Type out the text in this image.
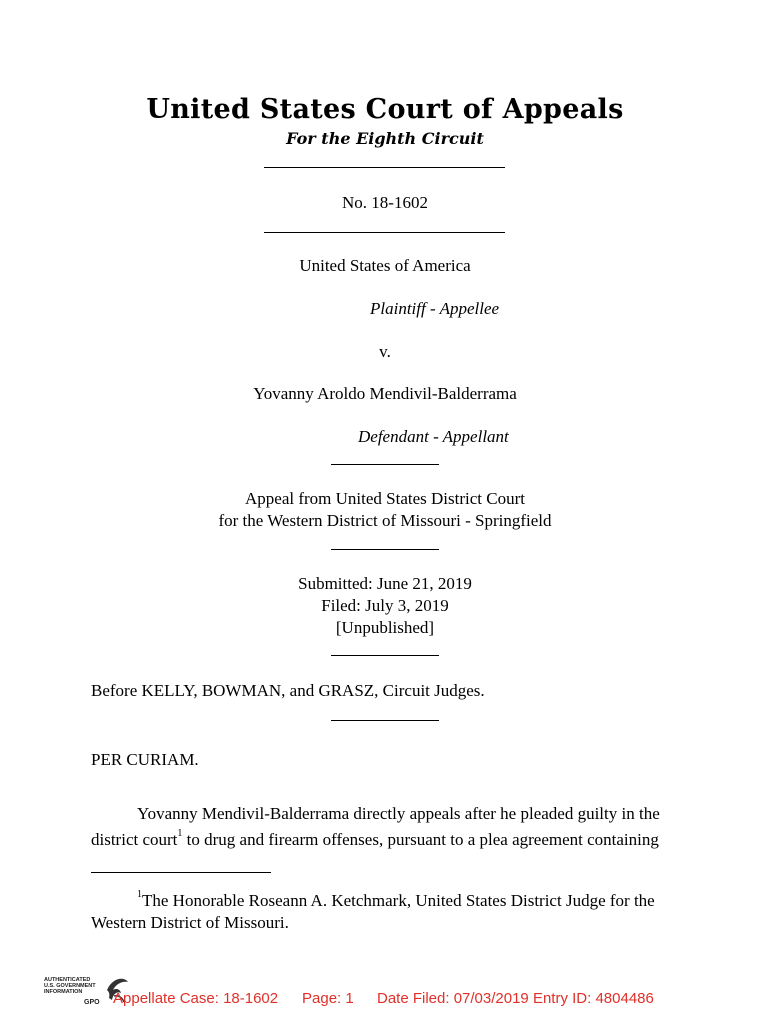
United States Court of Appeals
For the Eighth Circuit
No. 18-1602
United States of America
Plaintiff - Appellee
v.
Yovanny Aroldo Mendivil-Balderrama
Defendant - Appellant
Appeal from United States District Court
for the Western District of Missouri - Springfield
Submitted: June 21, 2019
Filed: July 3, 2019
[Unpublished]
Before KELLY, BOWMAN, and GRASZ, Circuit Judges.
PER CURIAM.
Yovanny Mendivil-Balderrama directly appeals after he pleaded guilty in the
district court$^1$ to drug and firearm offenses, pursuant to a plea agreement containing
$^1$The Honorable Roseann A. Ketchmark, United States District Judge for the
Western District of Missouri.
AUTHENTICATED
U.S. GOVERNMENT
INFORMATION
GPO Appellate Case: 18-1602 Page: 1 Date Filed: 07/03/2019 Entry ID: 4804486
